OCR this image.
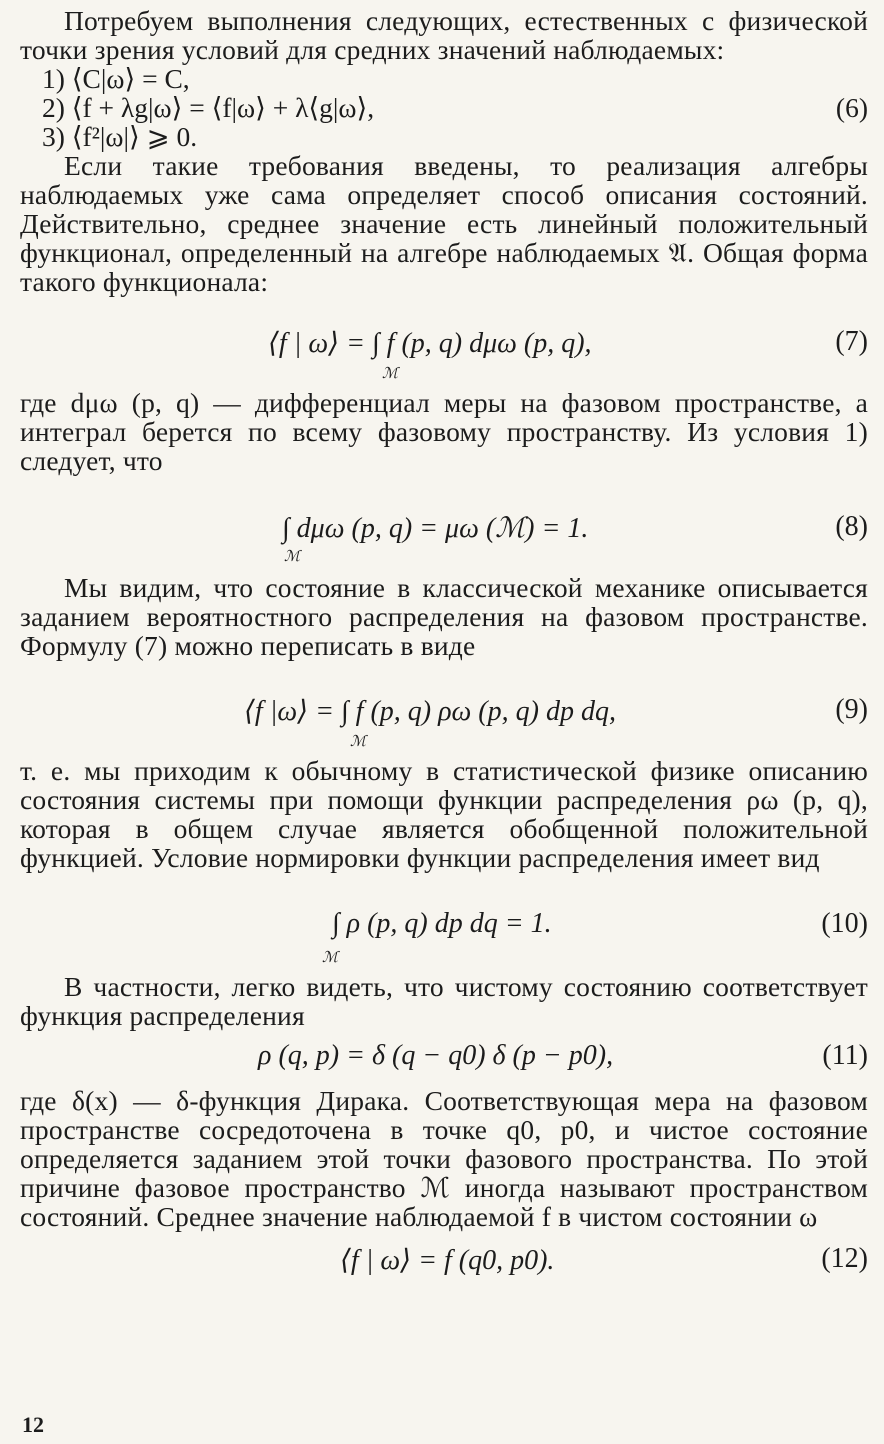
Потребуем выполнения следующих, естественных с физической точки зрения условий для средних значений наблюдаемых:

1) ⟨C|ω⟩ = C,

2) ⟨f + λg|ω⟩ = ⟨f|ω⟩ + λ⟨g|ω⟩,

3) ⟨f²|ω|⟩ ⩾ 0.

(6)

Если такие требования введены, то реализация алгебры наблюдаемых уже сама определяет способ описания состояний. Действительно, среднее значение есть линейный положительный функционал, определенный на алгебре наблюдаемых 𝔄. Общая форма такого функционала:

⟨f | ω⟩ = ∫ f (p, q) dμω (p, q),
ℳ
(7)

где dμω (p, q) — дифференциал меры на фазовом пространстве, а интеграл берется по всему фазовому пространству. Из условия 1) следует, что

∫ dμω (p, q) = μω (ℳ) = 1.
ℳ
(8)

Мы видим, что состояние в классической механике описывается заданием вероятностного распределения на фазовом пространстве. Формулу (7) можно переписать в виде

⟨f |ω⟩ = ∫ f (p, q) ρω (p, q) dp dq,
ℳ
(9)

т. е. мы приходим к обычному в статистической физике описанию состояния системы при помощи функции распределения ρω (p, q), которая в общем случае является обобщенной положительной функцией. Условие нормировки функции распределения имеет вид

∫ ρ (p, q) dp dq = 1.
ℳ
(10)

В частности, легко видеть, что чистому состоянию соответствует функция распределения

ρ (q, p) = δ (q − q0) δ (p − p0),	(11)

где δ(x) — δ-функция Дирака. Соответствующая мера на фазовом пространстве сосредоточена в точке q0, p0, и чистое состояние определяется заданием этой точки фазового пространства. По этой причине фазовое пространство ℳ иногда называют пространством состояний. Среднее значение наблюдаемой f в чистом состоянии ω

⟨f | ω⟩ = f (q0, p0).	(12)
12
